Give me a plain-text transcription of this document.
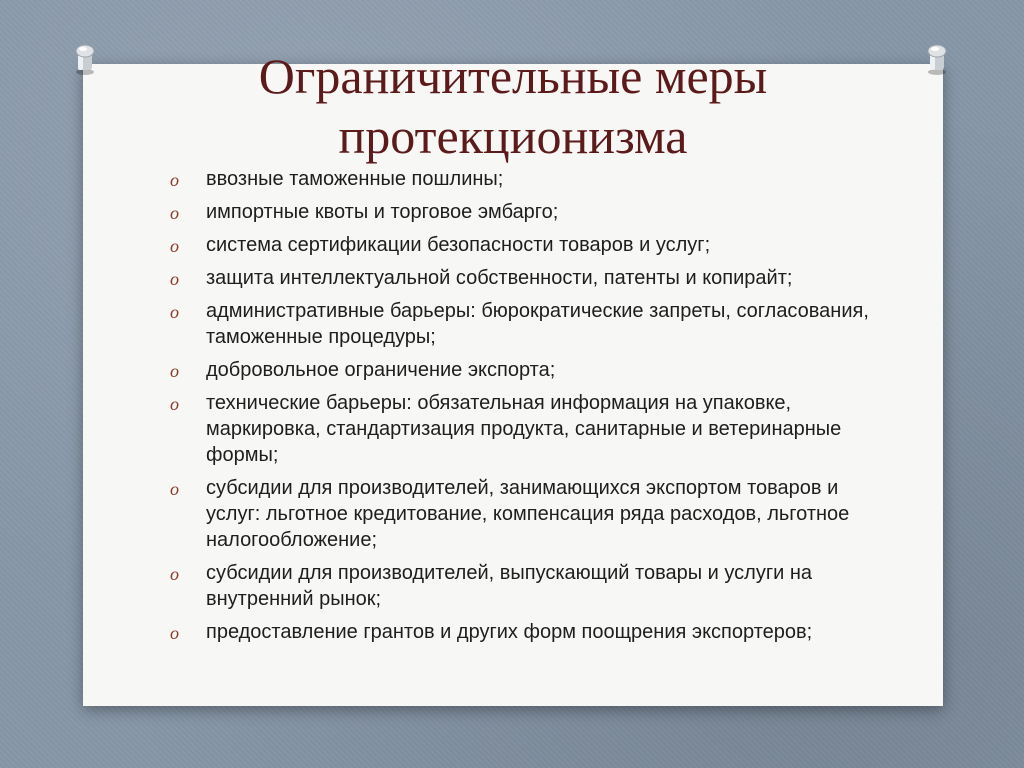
Ограничительные меры
протекционизма
o ввозные таможенные пошлины;
o импортные квоты и торговое эмбарго;
o система сертификации безопасности товаров и услуг;
o защита интеллектуальной собственности, патенты и копирайт;
o административные барьеры: бюрократические запреты, согласования, таможенные процедуры;
o добровольное ограничение экспорта;
o технические барьеры: обязательная информация на упаковке, маркировка, стандартизация продукта, санитарные и ветеринарные формы;
o субсидии для производителей, занимающихся экспортом товаров и услуг: льготное кредитование, компенсация ряда расходов, льготное налогообложение;
o субсидии для производителей, выпускающий товары и услуги на внутренний рынок;
o предоставление грантов и других форм поощрения экспортеров;
